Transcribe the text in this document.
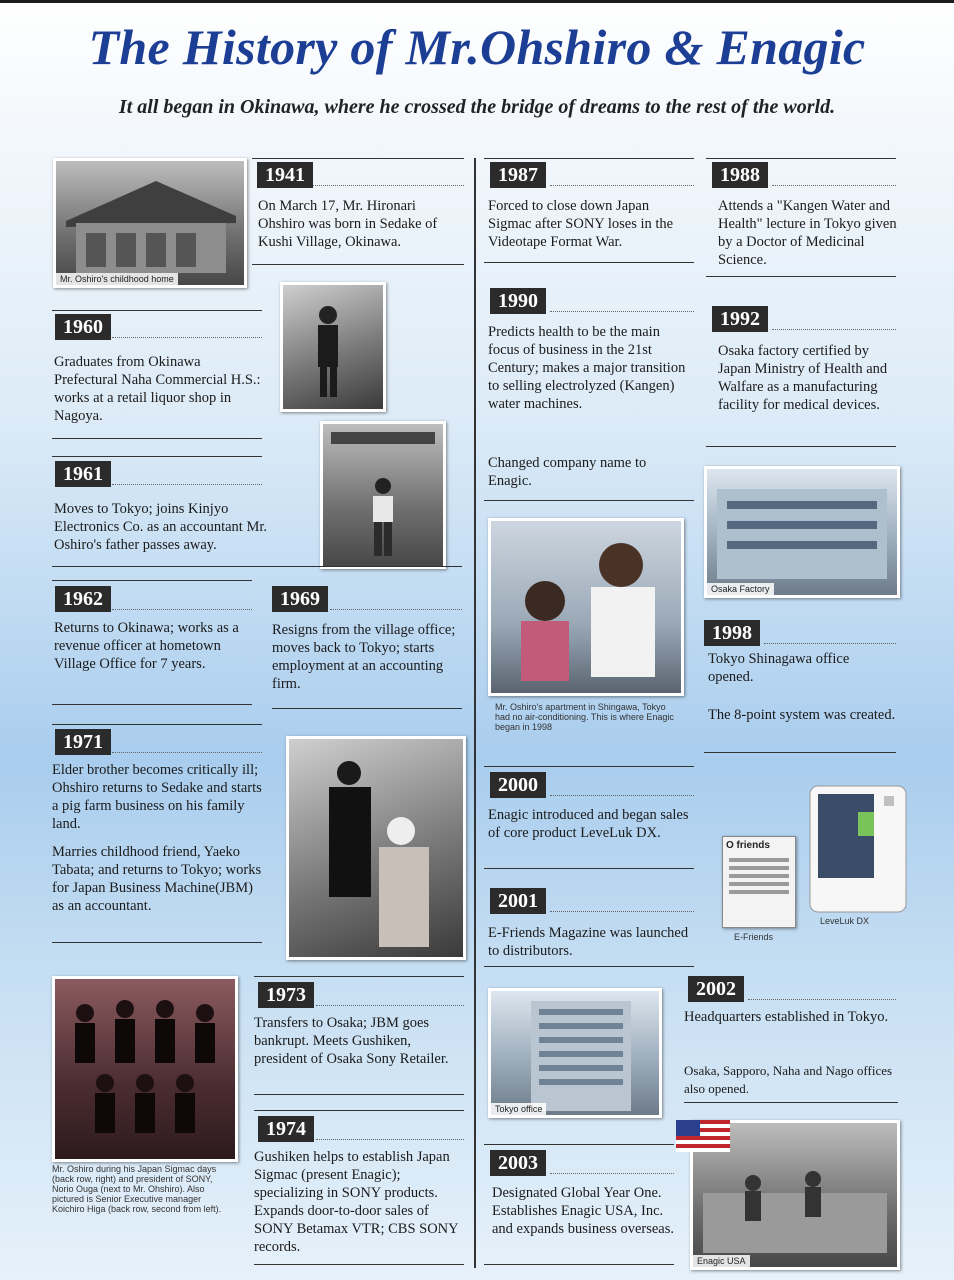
The History of Mr.Ohshiro & Enagic

It all began in Okinawa, where he crossed the bridge of dreams to the rest of the world.

Mr. Oshiro's childhood home
1941
On March 17, Mr. Hironari Ohshiro was born in Sedake of Kushi Village, Okinawa.
1960
Graduates from Okinawa Prefectural Naha Commercial H.S.: works at a retail liquor shop in Nagoya.
1961
Moves to Tokyo; joins Kinjyo Electronics Co. as an accountant Mr. Oshiro's father passes away.
1962
Returns to Okinawa; works as a revenue officer at hometown Village Office for 7 years.
1969
Resigns from the village office; moves back to Tokyo; starts employment at an accounting firm.
1971
Elder brother becomes critically ill; Ohshiro returns to Sedake and starts a pig farm business on his family land.
Marries childhood friend, Yaeko Tabata; and returns to Tokyo; works for Japan Business Machine(JBM) as an accountant.
Mr. Oshiro during his Japan Sigmac days (back row, right) and president of SONY, Norio Ouga (next to Mr. Ohshiro). Also pictured is Senior Executive manager Koichiro Higa (back row, second from left).
1973
Transfers to Osaka; JBM goes bankrupt. Meets Gushiken, president of Osaka Sony Retailer.
1974
Gushiken helps to establish Japan Sigmac (present Enagic); specializing in SONY products. Expands door-to-door sales of SONY Betamax VTR; CBS SONY records.
1987
Forced to close down Japan Sigmac after SONY loses in the Videotape Format War.
1990
Predicts health to be the main focus of business in the 21st Century; makes a major transition to selling electrolyzed (Kangen) water machines.
Changed company name to Enagic.
Mr. Oshiro's apartment in Shingawa, Tokyo had no air-conditioning. This is where Enagic began in 1998
2000
Enagic introduced and began sales of core product LeveLuk DX.
2001
E-Friends Magazine was launched to distributors.
Tokyo office
2003
Designated Global Year One. Establishes Enagic USA, Inc. and expands business overseas.
1988
Attends a "Kangen Water and Health" lecture in Tokyo given by a Doctor of Medicinal Science.
1992
Osaka factory certified by Japan Ministry of Health and Walfare as a manufacturing facility for medical devices.
Osaka Factory
1998
Tokyo Shinagawa office opened.
The 8-point system was created.
LeveLuk DX
O friends
E-Friends
2002
Headquarters established in Tokyo.
Osaka, Sapporo, Naha and Nago offices also opened.
Enagic USA
